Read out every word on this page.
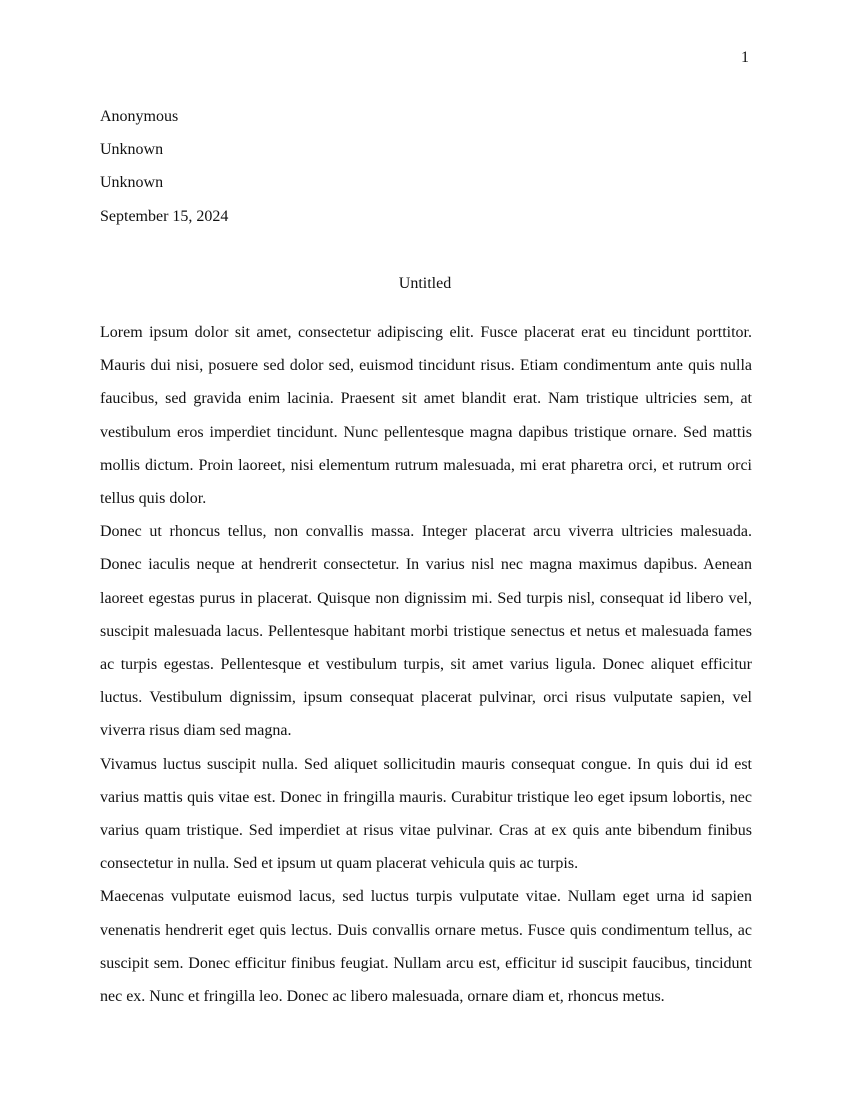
1
Anonymous
Unknown
Unknown
September 15, 2024
Untitled

Lorem ipsum dolor sit amet, consectetur adipiscing elit. Fusce placerat erat eu tincidunt porttitor. Mauris dui nisi, posuere sed dolor sed, euismod tincidunt risus. Etiam condimentum ante quis nulla faucibus, sed gravida enim lacinia. Praesent sit amet blandit erat. Nam tristique ultricies sem, at vestibulum eros imperdiet tincidunt. Nunc pellentesque magna dapibus tristique ornare. Sed mattis mollis dictum. Proin laoreet, nisi elementum rutrum malesuada, mi erat pharetra orci, et rutrum orci tellus quis dolor.

Donec ut rhoncus tellus, non convallis massa. Integer placerat arcu viverra ultricies malesuada. Donec iaculis neque at hendrerit consectetur. In varius nisl nec magna maximus dapibus. Aenean laoreet egestas purus in placerat. Quisque non dignissim mi. Sed turpis nisl, consequat id libero vel, suscipit malesuada lacus. Pellentesque habitant morbi tristique senectus et netus et malesuada fames ac turpis egestas. Pellentesque et vestibulum turpis, sit amet varius ligula. Donec aliquet efficitur luctus. Vestibulum dignissim, ipsum consequat placerat pulvinar, orci risus vulputate sapien, vel viverra risus diam sed magna.

Vivamus luctus suscipit nulla. Sed aliquet sollicitudin mauris consequat congue. In quis dui id est varius mattis quis vitae est. Donec in fringilla mauris. Curabitur tristique leo eget ipsum lobortis, nec varius quam tristique. Sed imperdiet at risus vitae pulvinar. Cras at ex quis ante bibendum finibus consectetur in nulla. Sed et ipsum ut quam placerat vehicula quis ac turpis.

Maecenas vulputate euismod lacus, sed luctus turpis vulputate vitae. Nullam eget urna id sapien venenatis hendrerit eget quis lectus. Duis convallis ornare metus. Fusce quis condimentum tellus, ac suscipit sem. Donec efficitur finibus feugiat. Nullam arcu est, efficitur id suscipit faucibus, tincidunt nec ex. Nunc et fringilla leo. Donec ac libero malesuada, ornare diam et, rhoncus metus.
